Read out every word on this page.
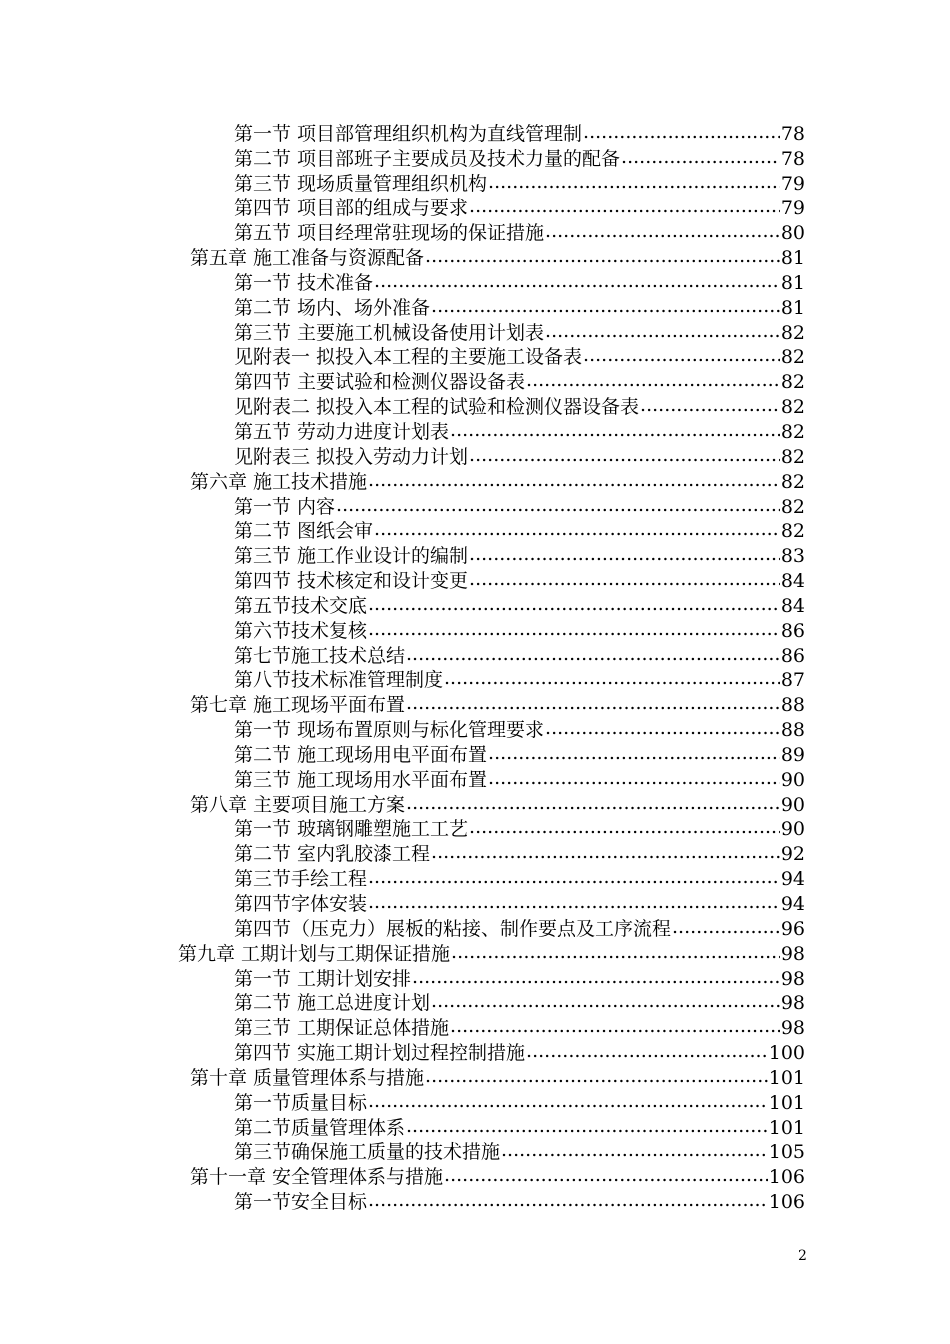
第一节 项目部管理组织机构为直线管理制 .....	78
第二节 项目部班子主要成员及技术力量的配备 .....	78
第三节 现场质量管理组织机构 .....	79
第四节 项目部的组成与要求 .....	79
第五节 项目经理常驻现场的保证措施 .....	80
第五章 施工准备与资源配备 .....	81
第一节 技术准备 .....	81
第二节 场内、场外准备 .....	81
第三节 主要施工机械设备使用计划表 .....	82
见附表一 拟投入本工程的主要施工设备表 .....	82
第四节 主要试验和检测仪器设备表 .....	82
见附表二 拟投入本工程的试验和检测仪器设备表 .....	82
第五节 劳动力进度计划表 .....	82
见附表三 拟投入劳动力计划 .....	82
第六章 施工技术措施 .....	82
第一节 内容 .....	82
第二节 图纸会审 .....	82
第三节 施工作业设计的编制 .....	83
第四节 技术核定和设计变更 .....	84
第五节技术交底 .....	84
第六节技术复核 .....	86
第七节施工技术总结 .....	86
第八节技术标准管理制度 .....	87
第七章 施工现场平面布置 .....	88
第一节 现场布置原则与标化管理要求 .....	88
第二节 施工现场用电平面布置 .....	89
第三节 施工现场用水平面布置 .....	90
第八章 主要项目施工方案 .....	90
第一节 玻璃钢雕塑施工工艺 .....	90
第二节 室内乳胶漆工程 .....	92
第三节手绘工程 .....	94
第四节字体安装 .....	94
第四节（压克力）展板的粘接、制作要点及工序流程 .....	96
第九章 工期计划与工期保证措施 .....	98
第一节 工期计划安排 .....	98
第二节 施工总进度计划 .....	98
第三节 工期保证总体措施 .....	98
第四节 实施工期计划过程控制措施 .....	100
第十章 质量管理体系与措施 .....	101
第一节质量目标 .....	101
第二节质量管理体系 .....	101
第三节确保施工质量的技术措施 .....	105
第十一章 安全管理体系与措施 .....	106
第一节安全目标 .....	106
2
